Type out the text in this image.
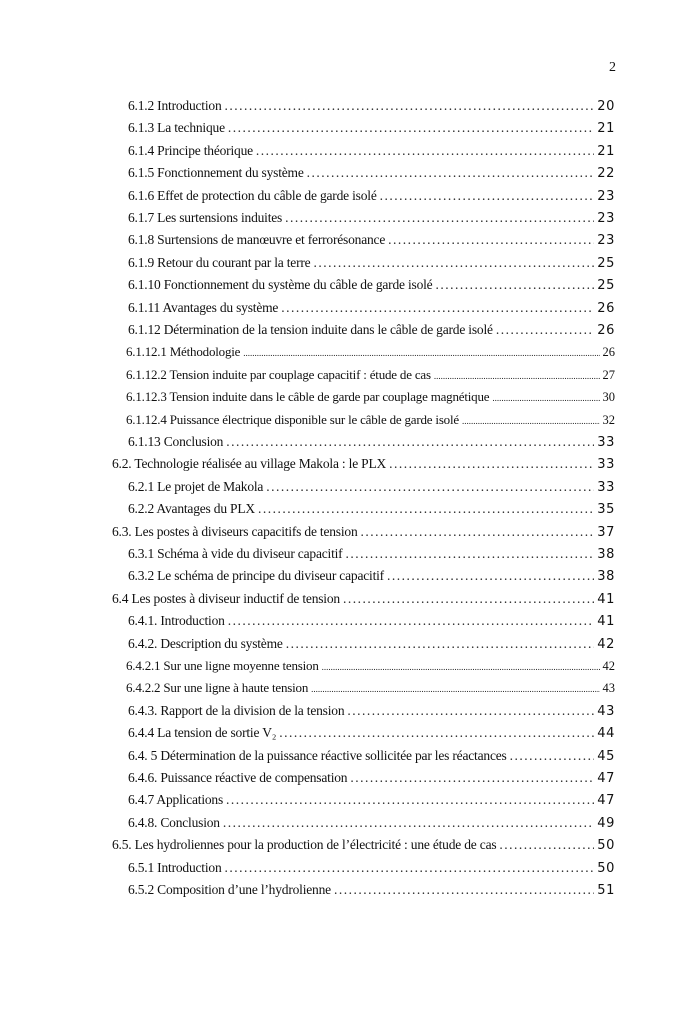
2
6.1.2 Introduction .....	20
6.1.3 La technique .....	21
6.1.4 Principe théorique .....	21
6.1.5 Fonctionnement du système .....	22
6.1.6 Effet de protection du câble de garde isolé .....	23
6.1.7 Les surtensions induites .....	23
6.1.8 Surtensions de manœuvre et ferrorésonance .....	23
6.1.9 Retour du courant par la terre .....	25
6.1.10 Fonctionnement du système du câble de garde isolé .....	25
6.1.11 Avantages du système .....	26
6.1.12 Détermination de la tension induite dans le câble de garde isolé .....	26
6.1.12.1 Méthodologie .....	26
6.1.12.2 Tension induite par couplage capacitif : étude de cas .....	27
6.1.12.3 Tension induite dans le câble de garde par couplage magnétique .....	30
6.1.12.4 Puissance électrique disponible sur le câble de garde isolé .....	32
6.1.13 Conclusion .....	33
6.2. Technologie réalisée au village Makola : le PLX .....	33
6.2.1 Le projet de Makola .....	33
6.2.2 Avantages du PLX .....	35
6.3. Les postes à diviseurs capacitifs de tension .....	37
6.3.1 Schéma à vide du diviseur capacitif .....	38
6.3.2 Le schéma de principe du diviseur capacitif .....	38
6.4 Les postes à diviseur inductif de tension .....	41
6.4.1. Introduction .....	41
6.4.2. Description du système .....	42
6.4.2.1 Sur une ligne moyenne tension .....	42
6.4.2.2 Sur une ligne à haute tension .....	43
6.4.3. Rapport de la division de la tension .....	43
6.4.4 La tension de sortie V₂ .....	44
6.4. 5 Détermination de la puissance réactive sollicitée par les réactances .....	45
6.4.6. Puissance réactive de compensation .....	47
6.4.7 Applications .....	47
6.4.8. Conclusion .....	49
6.5. Les hydroliennes pour la production de l’électricité : une étude de cas .....	50
6.5.1 Introduction .....	50
6.5.2 Composition d’une l’hydrolienne .....	51
